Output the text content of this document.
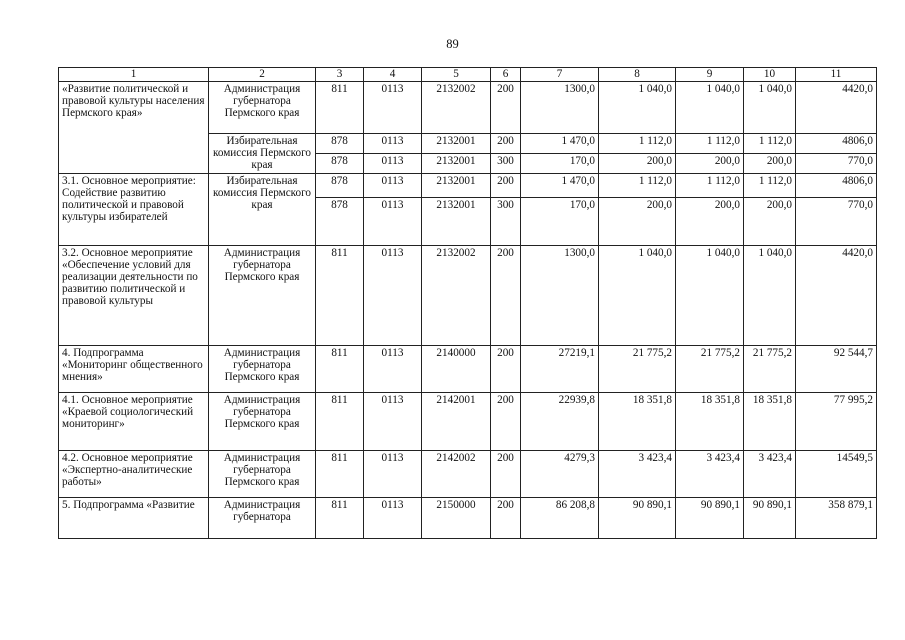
89
1	2	3	4	5	6	7	8	9	10	11
«Развитие политической и правовой культуры населения Пермского края»	Администрация губернатора Пермского края	811	0113	2132002	200	1300,0	1 040,0	1 040,0	1 040,0	4420,0
	Избирательная комиссия Пермского края	878	0113	2132001	200	1 470,0	1 112,0	1 112,0	1 112,0	4806,0
		878	0113	2132001	300	170,0	200,0	200,0	200,0	770,0
3.1. Основное мероприятие: Содействие развитию политической и правовой культуры избирателей	Избирательная комиссия Пермского края	878	0113	2132001	200	1 470,0	1 112,0	1 112,0	1 112,0	4806,0
		878	0113	2132001	300	170,0	200,0	200,0	200,0	770,0
3.2. Основное мероприятие «Обеспечение условий для реализации деятельности по развитию политической и правовой культуры	Администрация губернатора Пермского края	811	0113	2132002	200	1300,0	1 040,0	1 040,0	1 040,0	4420,0
4. Подпрограмма «Мониторинг общественного мнения»	Администрация губернатора Пермского края	811	0113	2140000	200	27219,1	21 775,2	21 775,2	21 775,2	92 544,7
4.1. Основное мероприятие «Краевой социологический мониторинг»	Администрация губернатора Пермского края	811	0113	2142001	200	22939,8	18 351,8	18 351,8	18 351,8	77 995,2
4.2. Основное мероприятие «Экспертно-аналитические работы»	Администрация губернатора Пермского края	811	0113	2142002	200	4279,3	3 423,4	3 423,4	3 423,4	14549,5
5. Подпрограмма «Развитие	Администрация губернатора	811	0113	2150000	200	86 208,8	90 890,1	90 890,1	90 890,1	358 879,1
